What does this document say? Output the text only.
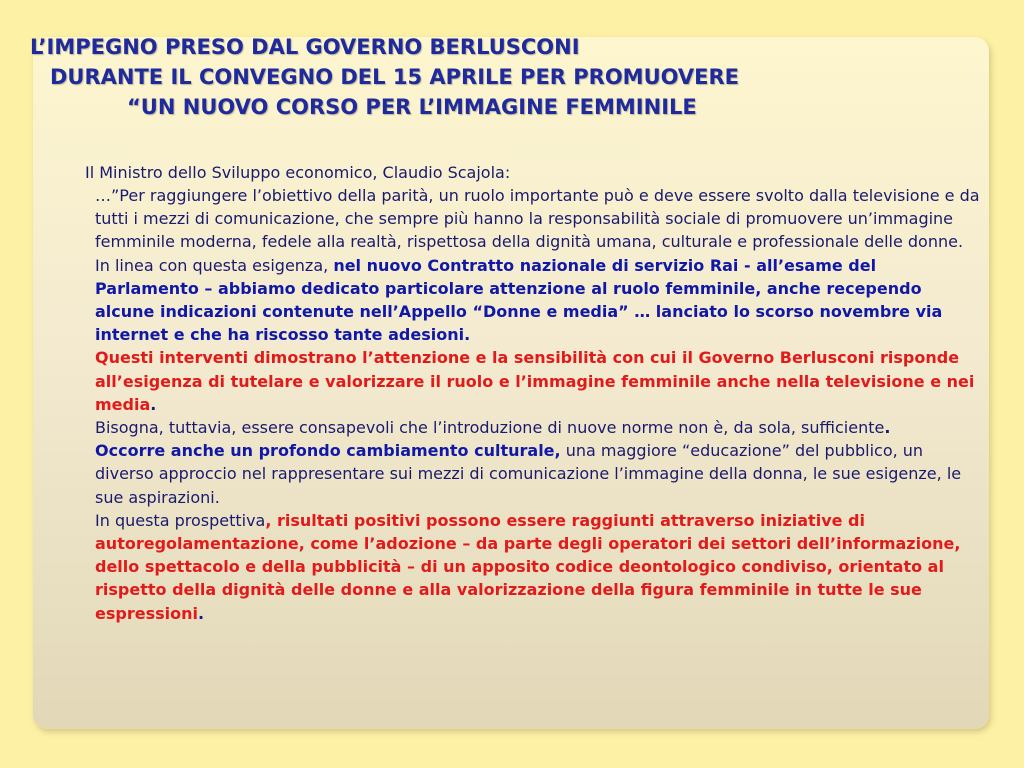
L’IMPEGNO PRESO DAL GOVERNO BERLUSCONI
DURANTE IL CONVEGNO DEL 15 APRILE PER PROMUOVERE
“UN NUOVO CORSO PER L’IMMAGINE FEMMINILE

Il Ministro dello Sviluppo economico, Claudio Scajola:

…”Per raggiungere l’obiettivo della parità, un ruolo importante può e deve essere svolto dalla televisione e da tutti i mezzi di comunicazione, che sempre più hanno la responsabilità sociale di promuovere un’immagine femminile moderna, fedele alla realtà, rispettosa della dignità umana, culturale e professionale delle donne.
In linea con questa esigenza, nel nuovo Contratto nazionale di servizio Rai - all’esame del Parlamento – abbiamo dedicato particolare attenzione al ruolo femminile, anche recependo alcune indicazioni contenute nell’Appello “Donne e media” … lanciato lo scorso novembre via internet e che ha riscosso tante adesioni.
Questi interventi dimostrano l’attenzione e la sensibilità con cui il Governo Berlusconi risponde all’esigenza di tutelare e valorizzare il ruolo e l’immagine femminile anche nella televisione e nei media.
Bisogna, tuttavia, essere consapevoli che l’introduzione di nuove norme non è, da sola, sufficiente.
Occorre anche un profondo cambiamento culturale, una maggiore “educazione” del pubblico, un diverso approccio nel rappresentare sui mezzi di comunicazione l’immagine della donna, le sue esigenze, le sue aspirazioni.
In questa prospettiva, risultati positivi possono essere raggiunti attraverso iniziative di autoregolamentazione, come l’adozione – da parte degli operatori dei settori dell’informazione, dello spettacolo e della pubblicità – di un apposito codice deontologico condiviso, orientato al rispetto della dignità delle donne e alla valorizzazione della figura femminile in tutte le sue espressioni.
